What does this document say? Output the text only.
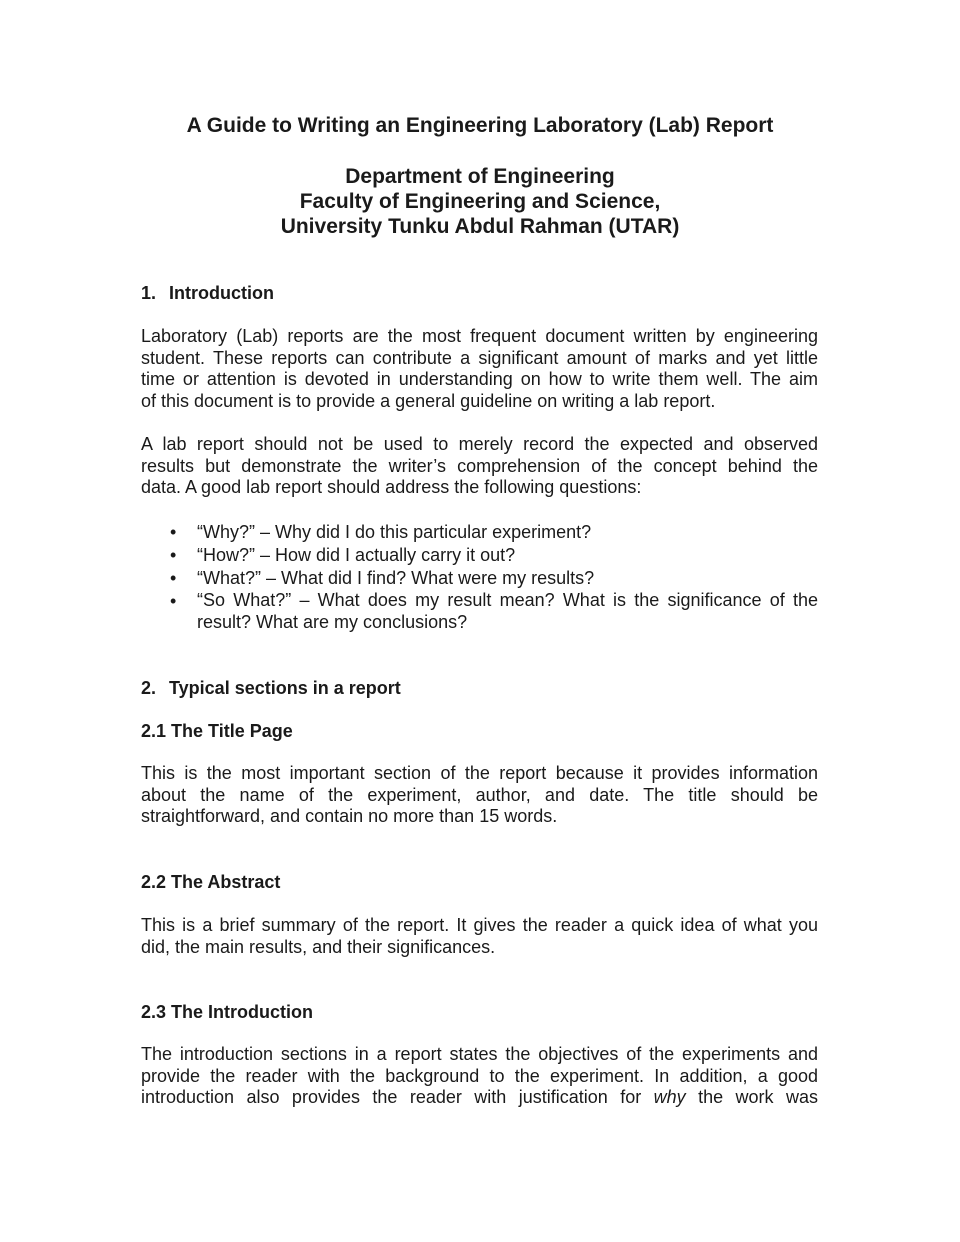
A Guide to Writing an Engineering Laboratory (Lab) Report
Department of Engineering
Faculty of Engineering and Science,
University Tunku Abdul Rahman (UTAR)
1. Introduction

Laboratory (Lab) reports are the most frequent document written by engineering
student. These reports can contribute a significant amount of marks and yet little
time or attention is devoted in understanding on how to write them well. The aim
of this document is to provide a general guideline on writing a lab report.

A lab report should not be used to merely record the expected and observed
results but demonstrate the writer’s comprehension of the concept behind the
data. A good lab report should address the following questions:

• “Why?” – Why did I do this particular experiment?
• “How?” – How did I actually carry it out?
• “What?” – What did I find? What were my results?
• “So What?” – What does my result mean? What is the significance of the
result? What are my conclusions?
2. Typical sections in a report
2.1 The Title Page

This is the most important section of the report because it provides information
about the name of the experiment, author, and date. The title should be
straightforward, and contain no more than 15 words.

2.2 The Abstract

This is a brief summary of the report. It gives the reader a quick idea of what you
did, the main results, and their significances.

2.3 The Introduction

The introduction sections in a report states the objectives of the experiments and
provide the reader with the background to the experiment. In addition, a good
introduction also provides the reader with justification for why the work was
